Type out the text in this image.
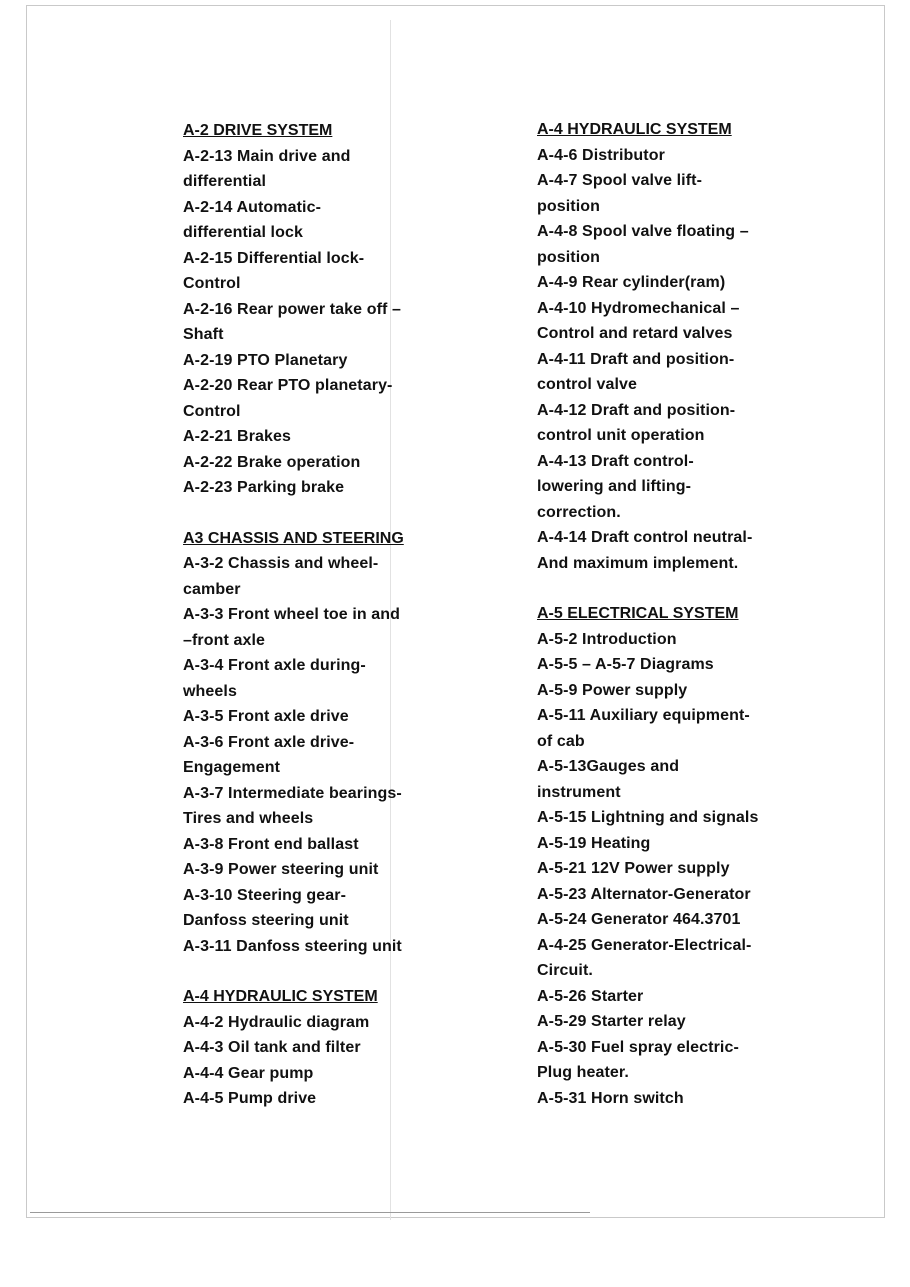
A-2 DRIVE SYSTEM
A-2-13 Main drive and
differential
A-2-14 Automatic-
differential lock
A-2-15 Differential lock-
Control
A-2-16 Rear power take off –
Shaft
A-2-19 PTO Planetary
A-2-20 Rear PTO planetary-
Control
A-2-21 Brakes
A-2-22 Brake operation
A-2-23 Parking brake
A3 CHASSIS AND STEERING
A-3-2 Chassis and wheel-
camber
A-3-3 Front wheel toe in and
–front axle
A-3-4 Front axle during-
wheels
A-3-5 Front axle drive
A-3-6 Front axle drive-
Engagement
A-3-7 Intermediate bearings-
Tires and wheels
A-3-8 Front end ballast
A-3-9 Power steering unit
A-3-10 Steering gear-
Danfoss steering unit
A-3-11 Danfoss steering unit
A-4 HYDRAULIC SYSTEM
A-4-2 Hydraulic diagram
A-4-3 Oil tank and filter
A-4-4 Gear pump
A-4-5 Pump drive
A-4 HYDRAULIC SYSTEM
A-4-6 Distributor
A-4-7 Spool valve lift-
position
A-4-8 Spool valve floating –
position
A-4-9 Rear cylinder(ram)
A-4-10 Hydromechanical –
Control and retard valves
A-4-11 Draft and position-
control valve
A-4-12 Draft and position-
control unit operation
A-4-13 Draft control-
lowering and lifting-
correction.
A-4-14 Draft control neutral-
And maximum implement.
A-5 ELECTRICAL SYSTEM
A-5-2 Introduction
A-5-5 – A-5-7 Diagrams
A-5-9 Power supply
A-5-11 Auxiliary equipment-
of cab
A-5-13Gauges and
instrument
A-5-15 Lightning and signals
A-5-19 Heating
A-5-21 12V Power supply
A-5-23 Alternator-Generator
A-5-24 Generator 464.3701
A-4-25 Generator-Electrical-
Circuit.
A-5-26 Starter
A-5-29 Starter relay
A-5-30 Fuel spray electric-
Plug heater.
A-5-31 Horn switch
